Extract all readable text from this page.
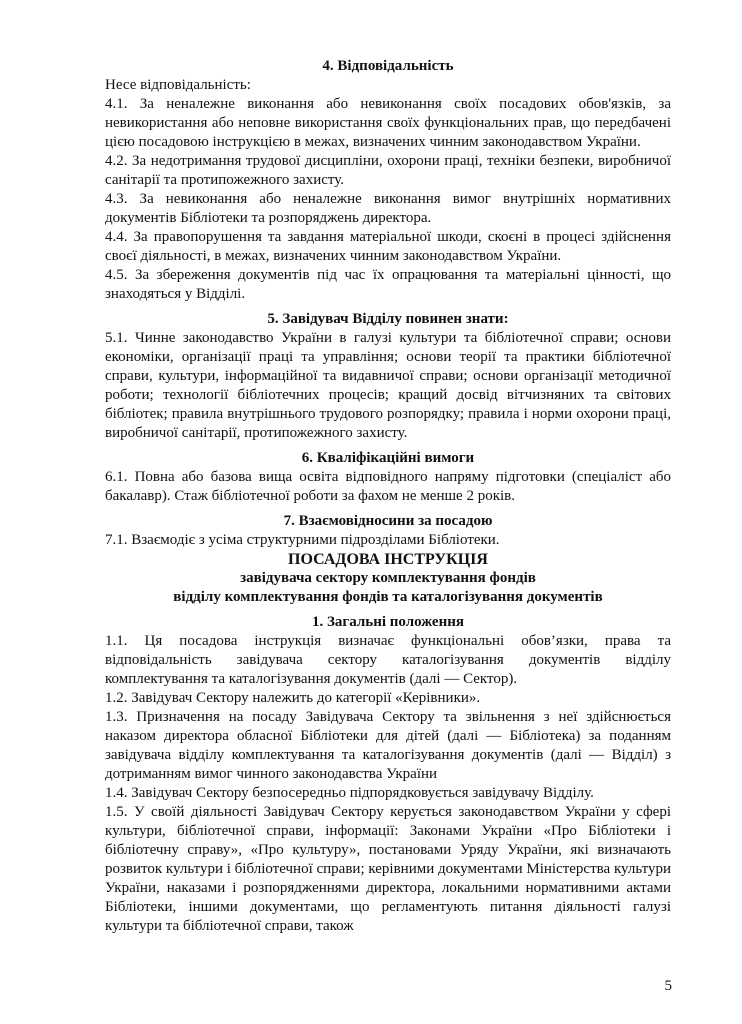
4. Відповідальність

Несе відповідальність:

4.1. За неналежне виконання або невиконання своїх посадових обов'язків, за невикористання або неповне використання своїх функціональних прав, що передбачені цією посадовою інструкцією в межах, визначених чинним законодавством України.

4.2. За недотримання трудової дисципліни, охорони праці, техніки безпеки, виробничої санітарії та протипожежного захисту.

4.3. За невиконання або неналежне виконання вимог внутрішніх нормативних документів Бібліотеки та розпоряджень директора.

4.4. За правопорушення та завдання матеріальної шкоди, скоєні в процесі здійснення своєї діяльності, в межах, визначених чинним законодавством України.

4.5. За збереження документів під час їх опрацювання та матеріальні цінності, що знаходяться у Відділі.

5. Завідувач Відділу повинен знати:

5.1. Чинне законодавство України в галузі культури та бібліотечної справи; основи економіки, організації праці та управління; основи теорії та практики бібліотечної справи, культури, інформаційної та видавничої справи; основи організації методичної роботи; технології бібліотечних процесів; кращий досвід вітчизняних та світових бібліотек; правила внутрішнього трудового розпорядку; правила і норми охорони праці, виробничої санітарії, протипожежного захисту.

6. Кваліфікаційні вимоги

6.1. Повна або базова вища освіта відповідного напряму підготовки (спеціаліст або бакалавр). Стаж бібліотечної роботи за фахом не менше 2 років.

7. Взаємовідносини за посадою

7.1. Взаємодіє з усіма структурними підрозділами Бібліотеки.

ПОСАДОВА ІНСТРУКЦІЯ

завідувача сектору комплектування фондів

відділу комплектування фондів та каталогізування документів

1. Загальні положення

1.1. Ця посадова інструкція визначає функціональні обов’язки, права та відповідальність завідувача сектору каталогізування документів відділу комплектування та каталогізування документів (далі — Сектор).

1.2. Завідувач Сектору належить до категорії «Керівники».

1.3. Призначення на посаду Завідувача Сектору та звільнення з неї здійснюється наказом директора обласної Бібліотеки для дітей (далі — Бібліотека) за поданням завідувача відділу комплектування та каталогізування документів (далі — Відділ) з дотриманням вимог чинного законодавства України

1.4. Завідувач Сектору безпосередньо підпорядковується завідувачу Відділу.

1.5. У своїй діяльності Завідувач Сектору керується законодавством України у сфері культури, бібліотечної справи, інформації: Законами України «Про Бібліотеки і бібліотечну справу», «Про культуру», постановами Уряду України, які визначають розвиток культури і бібліотечної справи; керівними документами Міністерства культури України, наказами і розпорядженнями директора, локальними нормативними актами Бібліотеки, іншими документами, що регламентують питання діяльності галузі культури та бібліотечної справи, також

5
